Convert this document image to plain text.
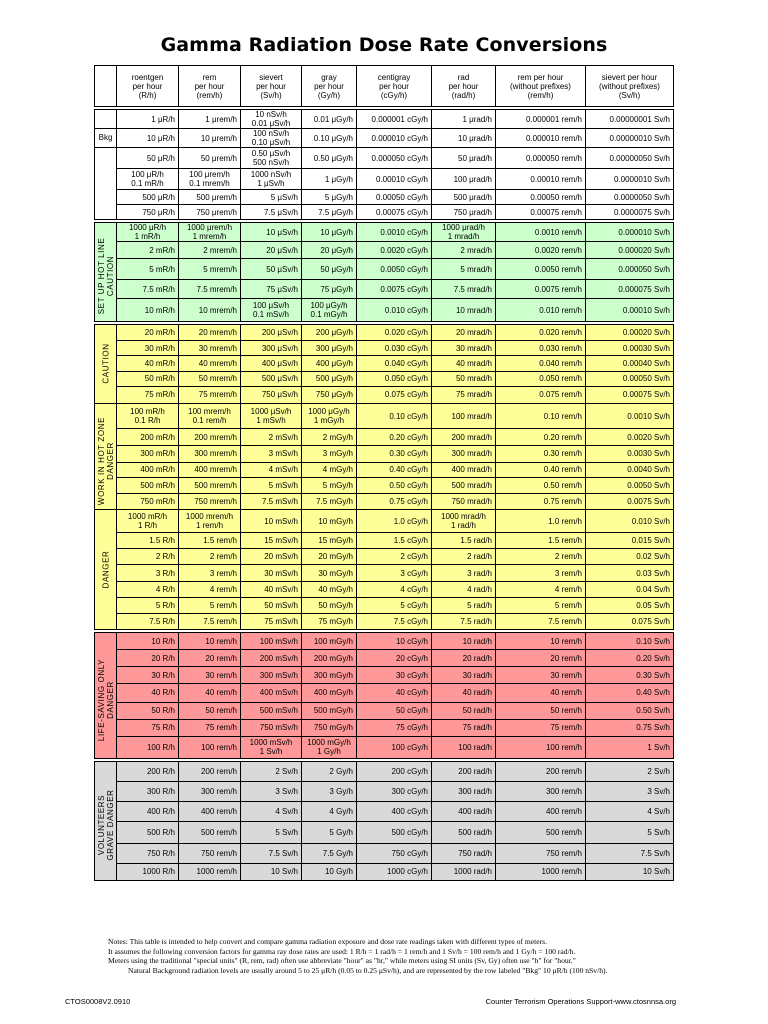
Gamma Radiation Dose Rate Conversions

	roentgen
per hour
(R/h)	rem
per hour
(rem/h)	sievert
per hour
(Sv/h)	gray
per hour
(Gy/h)	centigray
per hour
(cGy/h)	rad
per hour
(rad/h)	rem per hour
(without prefixes)
(rem/h)	sievert per hour
(without prefixes)
(Sv/h)

	1 μR/h	1 μrem/h	10 nSv/h
0.01 μSv/h	0.01 μGy/h	0.000001 cGy/h	1 μrad/h	0.000001 rem/h	0.00000001 Sv/h

Bkg	10 μR/h	10 μrem/h	100 nSv/h
0.10 μSv/h	0.10 μGy/h	0.000010 cGy/h	10 μrad/h	0.000010 rem/h	0.00000010 Sv/h
	50 μR/h	50 μrem/h	0.50 μSv/h
500 nSv/h	0.50 μGy/h	0.000050 cGy/h	50 μrad/h	0.000050 rem/h	0.00000050 Sv/h

	100 μR/h
0.1 mR/h	100 μrem/h
0.1 mrem/h	1000 nSv/h
1 μSv/h	1 μGy/h	0.00010 cGy/h	100 μrad/h	0.00010 rem/h	0.0000010 Sv/h
	500 μR/h	500 μrem/h	5 μSv/h	5 μGy/h	0.00050 cGy/h	500 μrad/h	0.00050 rem/h	0.0000050 Sv/h
	750 μR/h	750 μrem/h	7.5 μSv/h	7.5 μGy/h	0.00075 cGy/h	750 μrad/h	0.00075 rem/h	0.0000075 Sv/h

SET UP HOT LINE
CAUTION	1000 μR/h
1 mR/h	1000 μrem/h
1 mrem/h	10 μSv/h	10 μGy/h	0.0010 cGy/h	1000 μrad/h
1 mrad/h	0.0010 rem/h	0.000010 Sv/h
	2 mR/h	2 mrem/h	20 μSv/h	20 μGy/h	0.0020 cGy/h	2 mrad/h	0.0020 rem/h	0.000020 Sv/h
	5 mR/h	5 mrem/h	50 μSv/h	50 μGy/h	0.0050 cGy/h	5 mrad/h	0.0050 rem/h	0.000050 Sv/h
	7.5 mR/h	7.5 mrem/h	75 μSv/h	75 μGy/h	0.0075 cGy/h	7.5 mrad/h	0.0075 rem/h	0.000075 Sv/h
	10 mR/h	10 mrem/h	100 μSv/h
0.1 mSv/h	100 μGy/h
0.1 mGy/h	0.010 cGy/h	10 mrad/h	0.010 rem/h	0.00010 Sv/h

CAUTION	20 mR/h	20 mrem/h	200 μSv/h	200 μGy/h	0.020 cGy/h	20 mrad/h	0.020 rem/h	0.00020 Sv/h
	30 mR/h	30 mrem/h	300 μSv/h	300 μGy/h	0.030 cGy/h	30 mrad/h	0.030 rem/h	0.00030 Sv/h
	40 mR/h	40 mrem/h	400 μSv/h	400 μGy/h	0.040 cGy/h	40 mrad/h	0.040 rem/h	0.00040 Sv/h
	50 mR/h	50 mrem/h	500 μSv/h	500 μGy/h	0.050 cGy/h	50 mrad/h	0.050 rem/h	0.00050 Sv/h
	75 mR/h	75 mrem/h	750 μSv/h	750 μGy/h	0.075 cGy/h	75 mrad/h	0.075 rem/h	0.00075 Sv/h

WORK IN HOT ZONE
DANGER	100 mR/h
0.1 R/h	100 mrem/h
0.1 rem/h	1000 μSv/h
1 mSv/h	1000 μGy/h
1 mGy/h	0.10 cGy/h	100 mrad/h	0.10 rem/h	0.0010 Sv/h
	200 mR/h	200 mrem/h	2 mSv/h	2 mGy/h	0.20 cGy/h	200 mrad/h	0.20 rem/h	0.0020 Sv/h
	300 mR/h	300 mrem/h	3 mSv/h	3 mGy/h	0.30 cGy/h	300 mrad/h	0.30 rem/h	0.0030 Sv/h
	400 mR/h	400 mrem/h	4 mSv/h	4 mGy/h	0.40 cGy/h	400 mrad/h	0.40 rem/h	0.0040 Sv/h
	500 mR/h	500 mrem/h	5 mSv/h	5 mGy/h	0.50 cGy/h	500 mrad/h	0.50 rem/h	0.0050 Sv/h
	750 mR/h	750 mrem/h	7.5 mSv/h	7.5 mGy/h	0.75 cGy/h	750 mrad/h	0.75 rem/h	0.0075 Sv/h

DANGER	1000 mR/h
1 R/h	1000 mrem/h
1 rem/h	10 mSv/h	10 mGy/h	1.0 cGy/h	1000 mrad/h
1 rad/h	1.0 rem/h	0.010 Sv/h
	1.5 R/h	1.5 rem/h	15 mSv/h	15 mGy/h	1.5 cGy/h	1.5 rad/h	1.5 rem/h	0.015 Sv/h
	2 R/h	2 rem/h	20 mSv/h	20 mGy/h	2 cGy/h	2 rad/h	2 rem/h	0.02 Sv/h
	3 R/h	3 rem/h	30 mSv/h	30 mGy/h	3 cGy/h	3 rad/h	3 rem/h	0.03 Sv/h
	4 R/h	4 rem/h	40 mSv/h	40 mGy/h	4 cGy/h	4 rad/h	4 rem/h	0.04 Sv/h
	5 R/h	5 rem/h	50 mSv/h	50 mGy/h	5 cGy/h	5 rad/h	5 rem/h	0.05 Sv/h
	7.5 R/h	7.5 rem/h	75 mSv/h	75 mGy/h	7.5 cGy/h	7.5 rad/h	7.5 rem/h	0.075 Sv/h

LIFE-SAVING ONLY
DANGER	10 R/h	10 rem/h	100 mSv/h	100 mGy/h	10 cGy/h	10 rad/h	10 rem/h	0.10 Sv/h
	20 R/h	20 rem/h	200 mSv/h	200 mGy/h	20 cGy/h	20 rad/h	20 rem/h	0.20 Sv/h
	30 R/h	30 rem/h	300 mSv/h	300 mGy/h	30 cGy/h	30 rad/h	30 rem/h	0.30 Sv/h
	40 R/h	40 rem/h	400 mSv/h	400 mGy/h	40 cGy/h	40 rad/h	40 rem/h	0.40 Sv/h
	50 R/h	50 rem/h	500 mSv/h	500 mGy/h	50 cGy/h	50 rad/h	50 rem/h	0.50 Sv/h
	75 R/h	75 rem/h	750 mSv/h	750 mGy/h	75 cGy/h	75 rad/h	75 rem/h	0.75 Sv/h
	100 R/h	100 rem/h	1000 mSv/h
1 Sv/h	1000 mGy/h
1 Gy/h	100 cGy/h	100 rad/h	100 rem/h	1 Sv/h

VOLUNTEERS
GRAVE DANGER	200 R/h	200 rem/h	2 Sv/h	2 Gy/h	200 cGy/h	200 rad/h	200 rem/h	2 Sv/h
	300 R/h	300 rem/h	3 Sv/h	3 Gy/h	300 cGy/h	300 rad/h	300 rem/h	3 Sv/h
	400 R/h	400 rem/h	4 Sv/h	4 Gy/h	400 cGy/h	400 rad/h	400 rem/h	4 Sv/h
	500 R/h	500 rem/h	5 Sv/h	5 Gy/h	500 cGy/h	500 rad/h	500 rem/h	5 Sv/h
	750 R/h	750 rem/h	7.5 Sv/h	7.5 Gy/h	750 cGy/h	750 rad/h	750 rem/h	7.5 Sv/h
	1000 R/h	1000 rem/h	10 Sv/h	10 Gy/h	1000 cGy/h	1000 rad/h	1000 rem/h	10 Sv/h
Notes: This table is intended to help convert and compare gamma radiation exposure and dose rate readings taken with different types of meters.
It assumes the following conversion factors for gamma ray dose rates are used: 1 R/h = 1 rad/h = 1 rem/h and 1 Sv/h = 100 rem/h and 1 Gy/h = 100 rad/h.
Meters using the traditional "special units" (R, rem, rad) often use abbreviate "hour" as "hr," while meters using SI units (Sv, Gy) often use "h" for "hour."
Natural Background radiation levels are usually around 5 to 25 μR/h (0.05 to 0.25 μSv/h), and are represented by the row labeled "Bkg" 10 μR/h (100 nSv/h).
CTOS0008V2.0910	Counter Terrorism Operations Support-www.ctosnnsa.org
